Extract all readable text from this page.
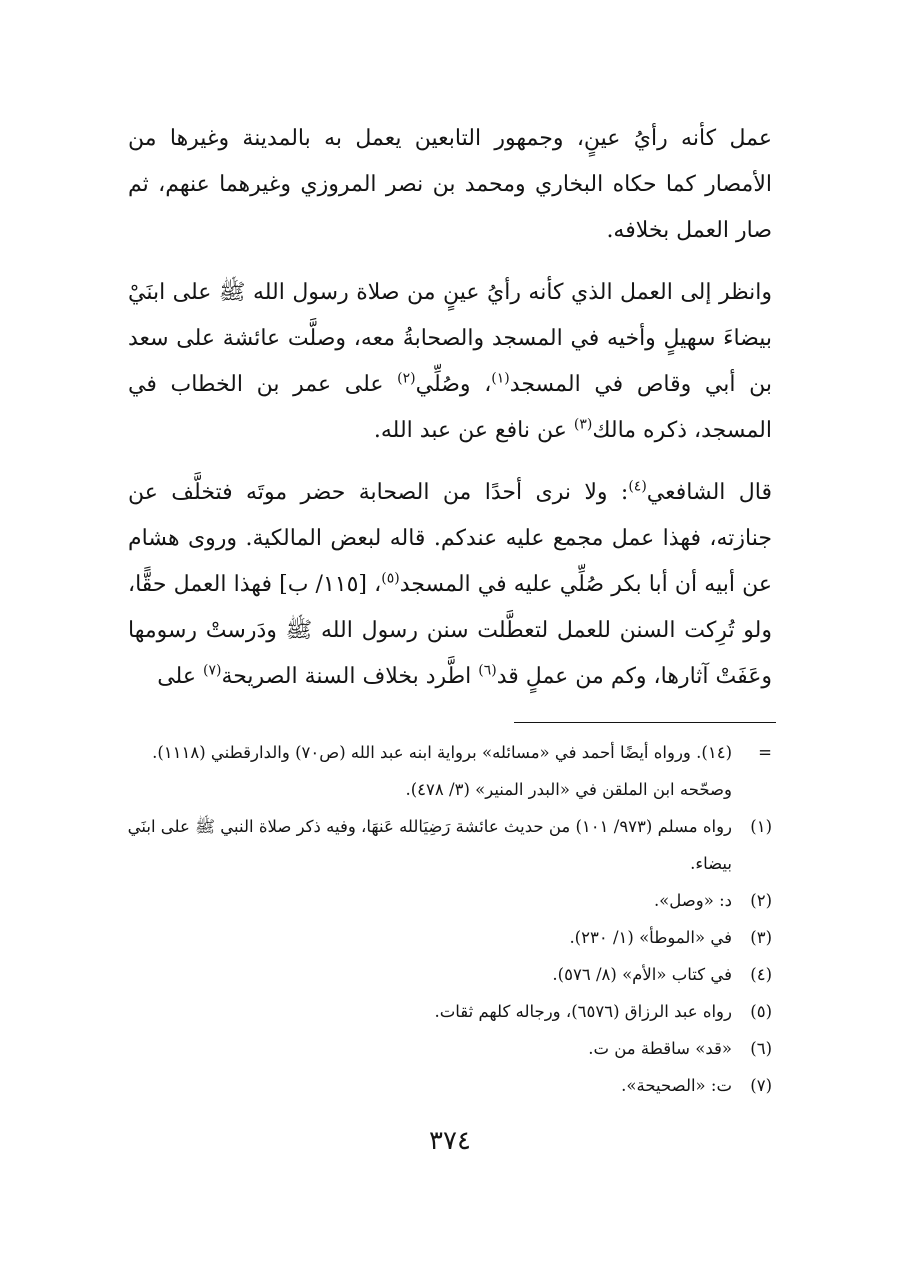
عمل كأنه رأيُ عينٍ، وجمهور التابعين يعمل به بالمدينة وغيرها من الأمصار كما حكاه البخاري ومحمد بن نصر المروزي وغيرهما عنهم، ثم صار العمل بخلافه.

وانظر إلى العمل الذي كأنه رأيُ عينٍ من صلاة رسول الله ﷺ على ابنَيْ بيضاءَ سهيلٍ وأخيه في المسجد والصحابةُ معه، وصلَّت عائشة على سعد بن أبي وقاص في المسجد$^{(١)}$، وصُلِّي$^{(٢)}$ على عمر بن الخطاب في المسجد، ذكره مالك$^{(٣)}$ عن نافع عن عبد الله.

قال الشافعي$^{(٤)}$: ولا نرى أحدًا من الصحابة حضر موتَه فتخلَّف عن جنازته، فهذا عمل مجمع عليه عندكم. قاله لبعض المالكية. وروى هشام عن أبيه أن أبا بكر صُلِّي عليه في المسجد$^{(٥)}$، [١١٥/ ب] فهذا العمل حقًّا، ولو تُرِكت السنن للعمل لتعطَّلت سنن رسول الله ﷺ ودَرستْ رسومها وعَفَتْ آثارها، وكم من عملٍ قد$^{(٦)}$ اطَّرد بخلاف السنة الصريحة$^{(٧)}$ على

=
(١٤). ورواه أيضًا أحمد في «مسائله» برواية ابنه عبد الله (ص٧٠) والدارقطني (١١١٨). وصحّحه ابن الملقن في «البدر المنير» (٣/ ٤٧٨).

(١)
رواه مسلم (٩٧٣/ ١٠١) من حديث عائشة رَضِيَالله عَنهَا، وفيه ذكر صلاة النبي ﷺ على ابنَي بيضاء.

(٢)
د: «وصل».

(٣)
في «الموطأ» (١/ ٢٣٠).

(٤)
في كتاب «الأم» (٨/ ٥٧٦).

(٥)
رواه عبد الرزاق (٦٥٧٦)، ورجاله كلهم ثقات.

(٦)
«قد» ساقطة من ت.

(٧)
ت: «الصحيحة».

٣٧٤
